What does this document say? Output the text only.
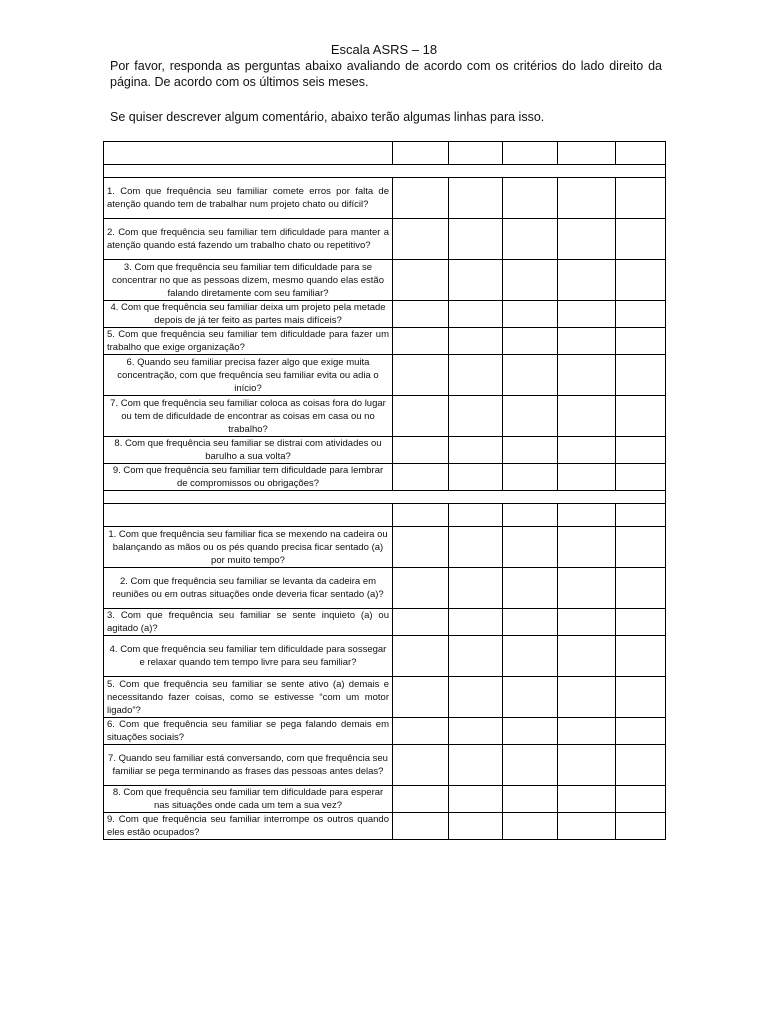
Escala ASRS – 18

Por favor, responda as perguntas abaixo avaliando de acordo com os critérios do lado direito da página. De acordo com os últimos seis meses.

Se quiser descrever algum comentário, abaixo terão algumas linhas para isso.

1. Com que frequência seu familiar comete erros por falta de atenção quando tem de trabalhar num projeto chato ou difícil?					
2. Com que frequência seu familiar tem dificuldade para manter a atenção quando está fazendo um trabalho chato ou repetitivo?					
3. Com que frequência seu familiar tem dificuldade para se concentrar no que as pessoas dizem, mesmo quando elas estão falando diretamente com seu familiar?					
4. Com que frequência seu familiar deixa um projeto pela metade depois de já ter feito as partes mais difíceis?					
5. Com que frequência seu familiar tem dificuldade para fazer um trabalho que exige organização?					
6. Quando seu familiar precisa fazer algo que exige muita concentração, com que frequência seu familiar evita ou adia o início?					
7. Com que frequência seu familiar coloca as coisas fora do lugar ou tem de dificuldade de encontrar as coisas em casa ou no trabalho?					
8. Com que frequência seu familiar se distrai com atividades ou barulho a sua volta?					
9. Com que frequência seu familiar tem dificuldade para lembrar de compromissos ou obrigações?					

1. Com que frequência seu familiar fica se mexendo na cadeira ou balançando as mãos ou os pés quando precisa ficar sentado (a) por muito tempo?					
2. Com que frequência seu familiar se levanta da cadeira em reuniões ou em outras situações onde deveria ficar sentado (a)?					
3. Com que frequência seu familiar se sente inquieto (a) ou agitado (a)?					
4. Com que frequência seu familiar tem dificuldade para sossegar e relaxar quando tem tempo livre para seu familiar?					
5. Com que frequência seu familiar se sente ativo (a) demais e necessitando fazer coisas, como se estivesse “com um motor ligado”?					
6. Com que frequência seu familiar se pega falando demais em situações sociais?					
7. Quando seu familiar está conversando, com que frequência seu familiar se pega terminando as frases das pessoas antes delas?					
8. Com que frequência seu familiar tem dificuldade para esperar nas situações onde cada um tem a sua vez?					
9. Com que frequência seu familiar interrompe os outros quando eles estão ocupados?					
